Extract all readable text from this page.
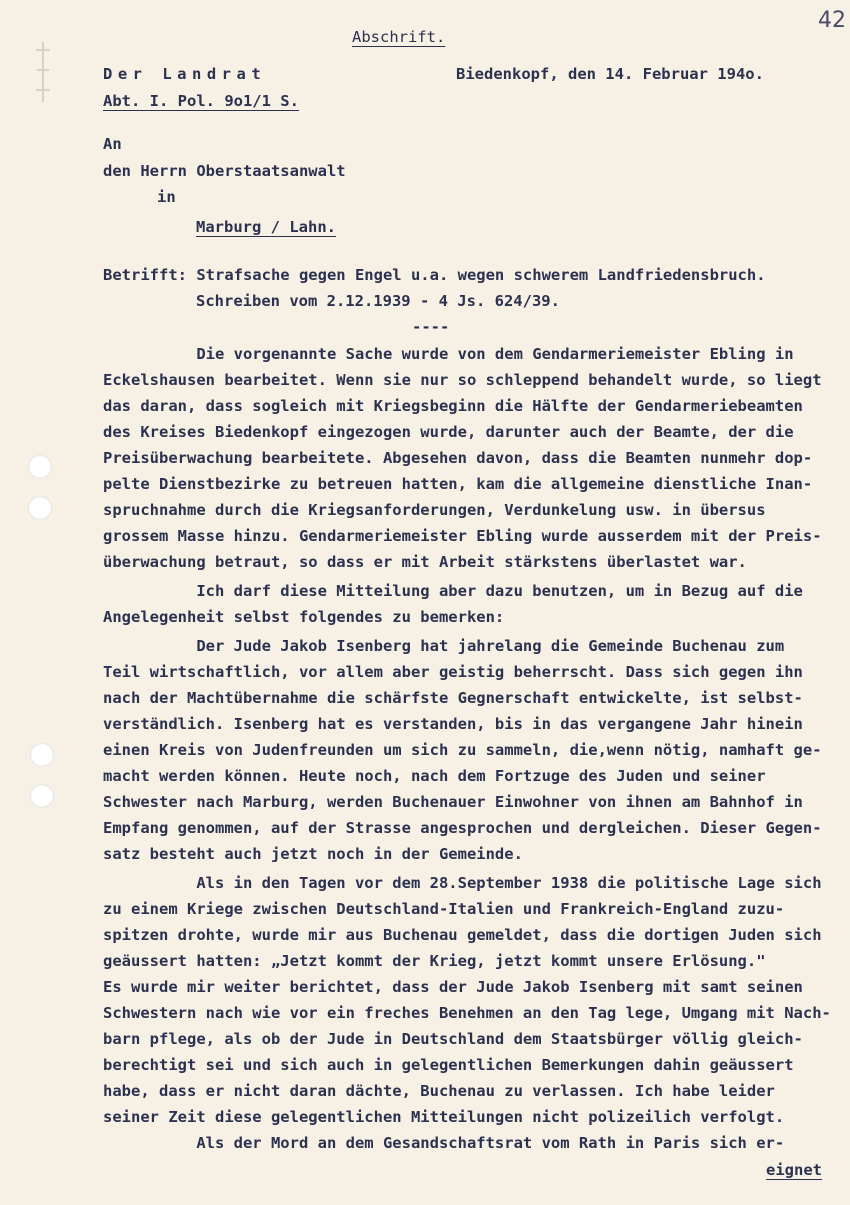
42
Abschrift.
Der Landrat
Abt. I. Pol. 9o1/1 S.
Biedenkopf, den 14. Februar 194o.
An
den Herrn Oberstaatsanwalt
in
Marburg / Lahn.
Betrifft: Strafsache gegen Engel u.a. wegen schwerem Landfriedensbruch.
Schreiben vom 2.12.1939 - 4 Js. 624/39.
----
Die vorgenannte Sache wurde von dem Gendarmeriemeister Ebling in
Eckelshausen bearbeitet. Wenn sie nur so schleppend behandelt wurde, so liegt
das daran, dass sogleich mit Kriegsbeginn die Hälfte der Gendarmeriebeamten
des Kreises Biedenkopf eingezogen wurde, darunter auch der Beamte, der die
Preisüberwachung bearbeitete. Abgesehen davon, dass die Beamten nunmehr dop-
pelte Dienstbezirke zu betreuen hatten, kam die allgemeine dienstliche Inan-
spruchnahme durch die Kriegsanforderungen, Verdunkelung usw. in übersus
grossem Masse hinzu. Gendarmeriemeister Ebling wurde ausserdem mit der Preis-
überwachung betraut, so dass er mit Arbeit stärkstens überlastet war.
Ich darf diese Mitteilung aber dazu benutzen, um in Bezug auf die
Angelegenheit selbst folgendes zu bemerken:
Der Jude Jakob Isenberg hat jahrelang die Gemeinde Buchenau zum
Teil wirtschaftlich, vor allem aber geistig beherrscht. Dass sich gegen ihn
nach der Machtübernahme die schärfste Gegnerschaft entwickelte, ist selbst-
verständlich. Isenberg hat es verstanden, bis in das vergangene Jahr hinein
einen Kreis von Judenfreunden um sich zu sammeln, die,wenn nötig, namhaft ge-
macht werden können. Heute noch, nach dem Fortzuge des Juden und seiner
Schwester nach Marburg, werden Buchenauer Einwohner von ihnen am Bahnhof in
Empfang genommen, auf der Strasse angesprochen und dergleichen. Dieser Gegen-
satz besteht auch jetzt noch in der Gemeinde.
Als in den Tagen vor dem 28.September 1938 die politische Lage sich
zu einem Kriege zwischen Deutschland-Italien und Frankreich-England zuzu-
spitzen drohte, wurde mir aus Buchenau gemeldet, dass die dortigen Juden sich
geäussert hatten: „Jetzt kommt der Krieg, jetzt kommt unsere Erlösung."
Es wurde mir weiter berichtet, dass der Jude Jakob Isenberg mit samt seinen
Schwestern nach wie vor ein freches Benehmen an den Tag lege, Umgang mit Nach-
barn pflege, als ob der Jude in Deutschland dem Staatsbürger völlig gleich-
berechtigt sei und sich auch in gelegentlichen Bemerkungen dahin geäussert
habe, dass er nicht daran dächte, Buchenau zu verlassen. Ich habe leider
seiner Zeit diese gelegentlichen Mitteilungen nicht polizeilich verfolgt.
Als der Mord an dem Gesandschaftsrat vom Rath in Paris sich er-
eignet
